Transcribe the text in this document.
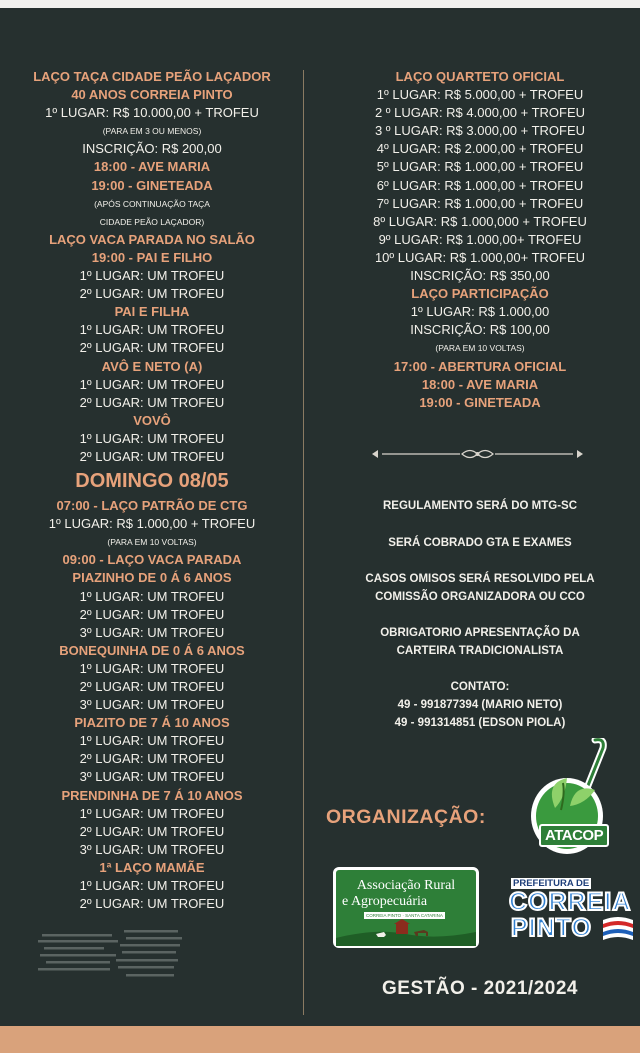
LAÇO TAÇA CIDADE PEÃO LAÇADOR
40 ANOS CORREIA PINTO
1º LUGAR: R$ 10.000,00 + TROFEU
(PARA EM 3 OU MENOS)
INSCRIÇÃO: R$ 200,00
18:00 - AVE MARIA
19:00 - GINETEADA
(APÓS CONTINUAÇÃO TAÇA
CIDADE PEÃO LAÇADOR)
LAÇO VACA PARADA NO SALÃO
19:00 - PAI E FILHO
1º LUGAR: UM TROFEU
2º LUGAR: UM TROFEU
PAI E FILHA
1º LUGAR: UM TROFEU
2º LUGAR: UM TROFEU
AVÔ E NETO (A)
1º LUGAR: UM TROFEU
2º LUGAR: UM TROFEU
VOVÔ
1º LUGAR: UM TROFEU
2º LUGAR: UM TROFEU
DOMINGO 08/05
07:00 - LAÇO PATRÃO DE CTG
1º LUGAR: R$ 1.000,00 + TROFEU
(PARA EM 10 VOLTAS)
09:00 - LAÇO VACA PARADA
PIAZINHO DE 0 Á 6 ANOS
1º LUGAR: UM TROFEU
2º LUGAR: UM TROFEU
3º LUGAR: UM TROFEU
BONEQUINHA DE 0 Á 6 ANOS
1º LUGAR: UM TROFEU
2º LUGAR: UM TROFEU
3º LUGAR: UM TROFEU
PIAZITO DE 7 Á 10 ANOS
1º LUGAR: UM TROFEU
2º LUGAR: UM TROFEU
3º LUGAR: UM TROFEU
PRENDINHA DE 7 Á 10 ANOS
1º LUGAR: UM TROFEU
2º LUGAR: UM TROFEU
3º LUGAR: UM TROFEU
1ª LAÇO MAMÃE
1º LUGAR: UM TROFEU
2º LUGAR: UM TROFEU
LAÇO QUARTETO OFICIAL
1º LUGAR: R$ 5.000,00 + TROFEU
2 º LUGAR: R$ 4.000,00 + TROFEU
3 º LUGAR: R$ 3.000,00 + TROFEU
4º LUGAR: R$ 2.000,00 + TROFEU
5º LUGAR: R$ 1.000,00 + TROFEU
6º LUGAR: R$ 1.000,00 + TROFEU
7º LUGAR: R$ 1.000,00 + TROFEU
8º LUGAR: R$ 1.000,000 + TROFEU
9º LUGAR: R$ 1.000,00+ TROFEU
10º LUGAR: R$ 1.000,00+ TROFEU
INSCRIÇÃO: R$ 350,00
LAÇO PARTICIPAÇÃO
1º LUGAR: R$ 1.000,00
INSCRIÇÃO: R$ 100,00
(PARA EM 10 VOLTAS)
17:00 - ABERTURA OFICIAL
18:00 - AVE MARIA
19:00 - GINETEADA
REGULAMENTO SERÁ DO MTG-SC
SERÁ COBRADO GTA E EXAMES
CASOS OMISOS SERÁ RESOLVIDO PELA
COMISSÃO ORGANIZADORA OU CCO
OBRIGATORIO APRESENTAÇÃO DA
CARTEIRA TRADICIONALISTA
CONTATO:
49 - 991877394 (MARIO NETO)
49 - 991314851 (EDSON PIOLA)
ORGANIZAÇÃO:
ATACOP
Associação Rural
e Agropecuária
CORREIA PINTO · SANTA CATARINA
PREFEITURA DE
CORREIA
PINTO
GESTÃO - 2021/2024
